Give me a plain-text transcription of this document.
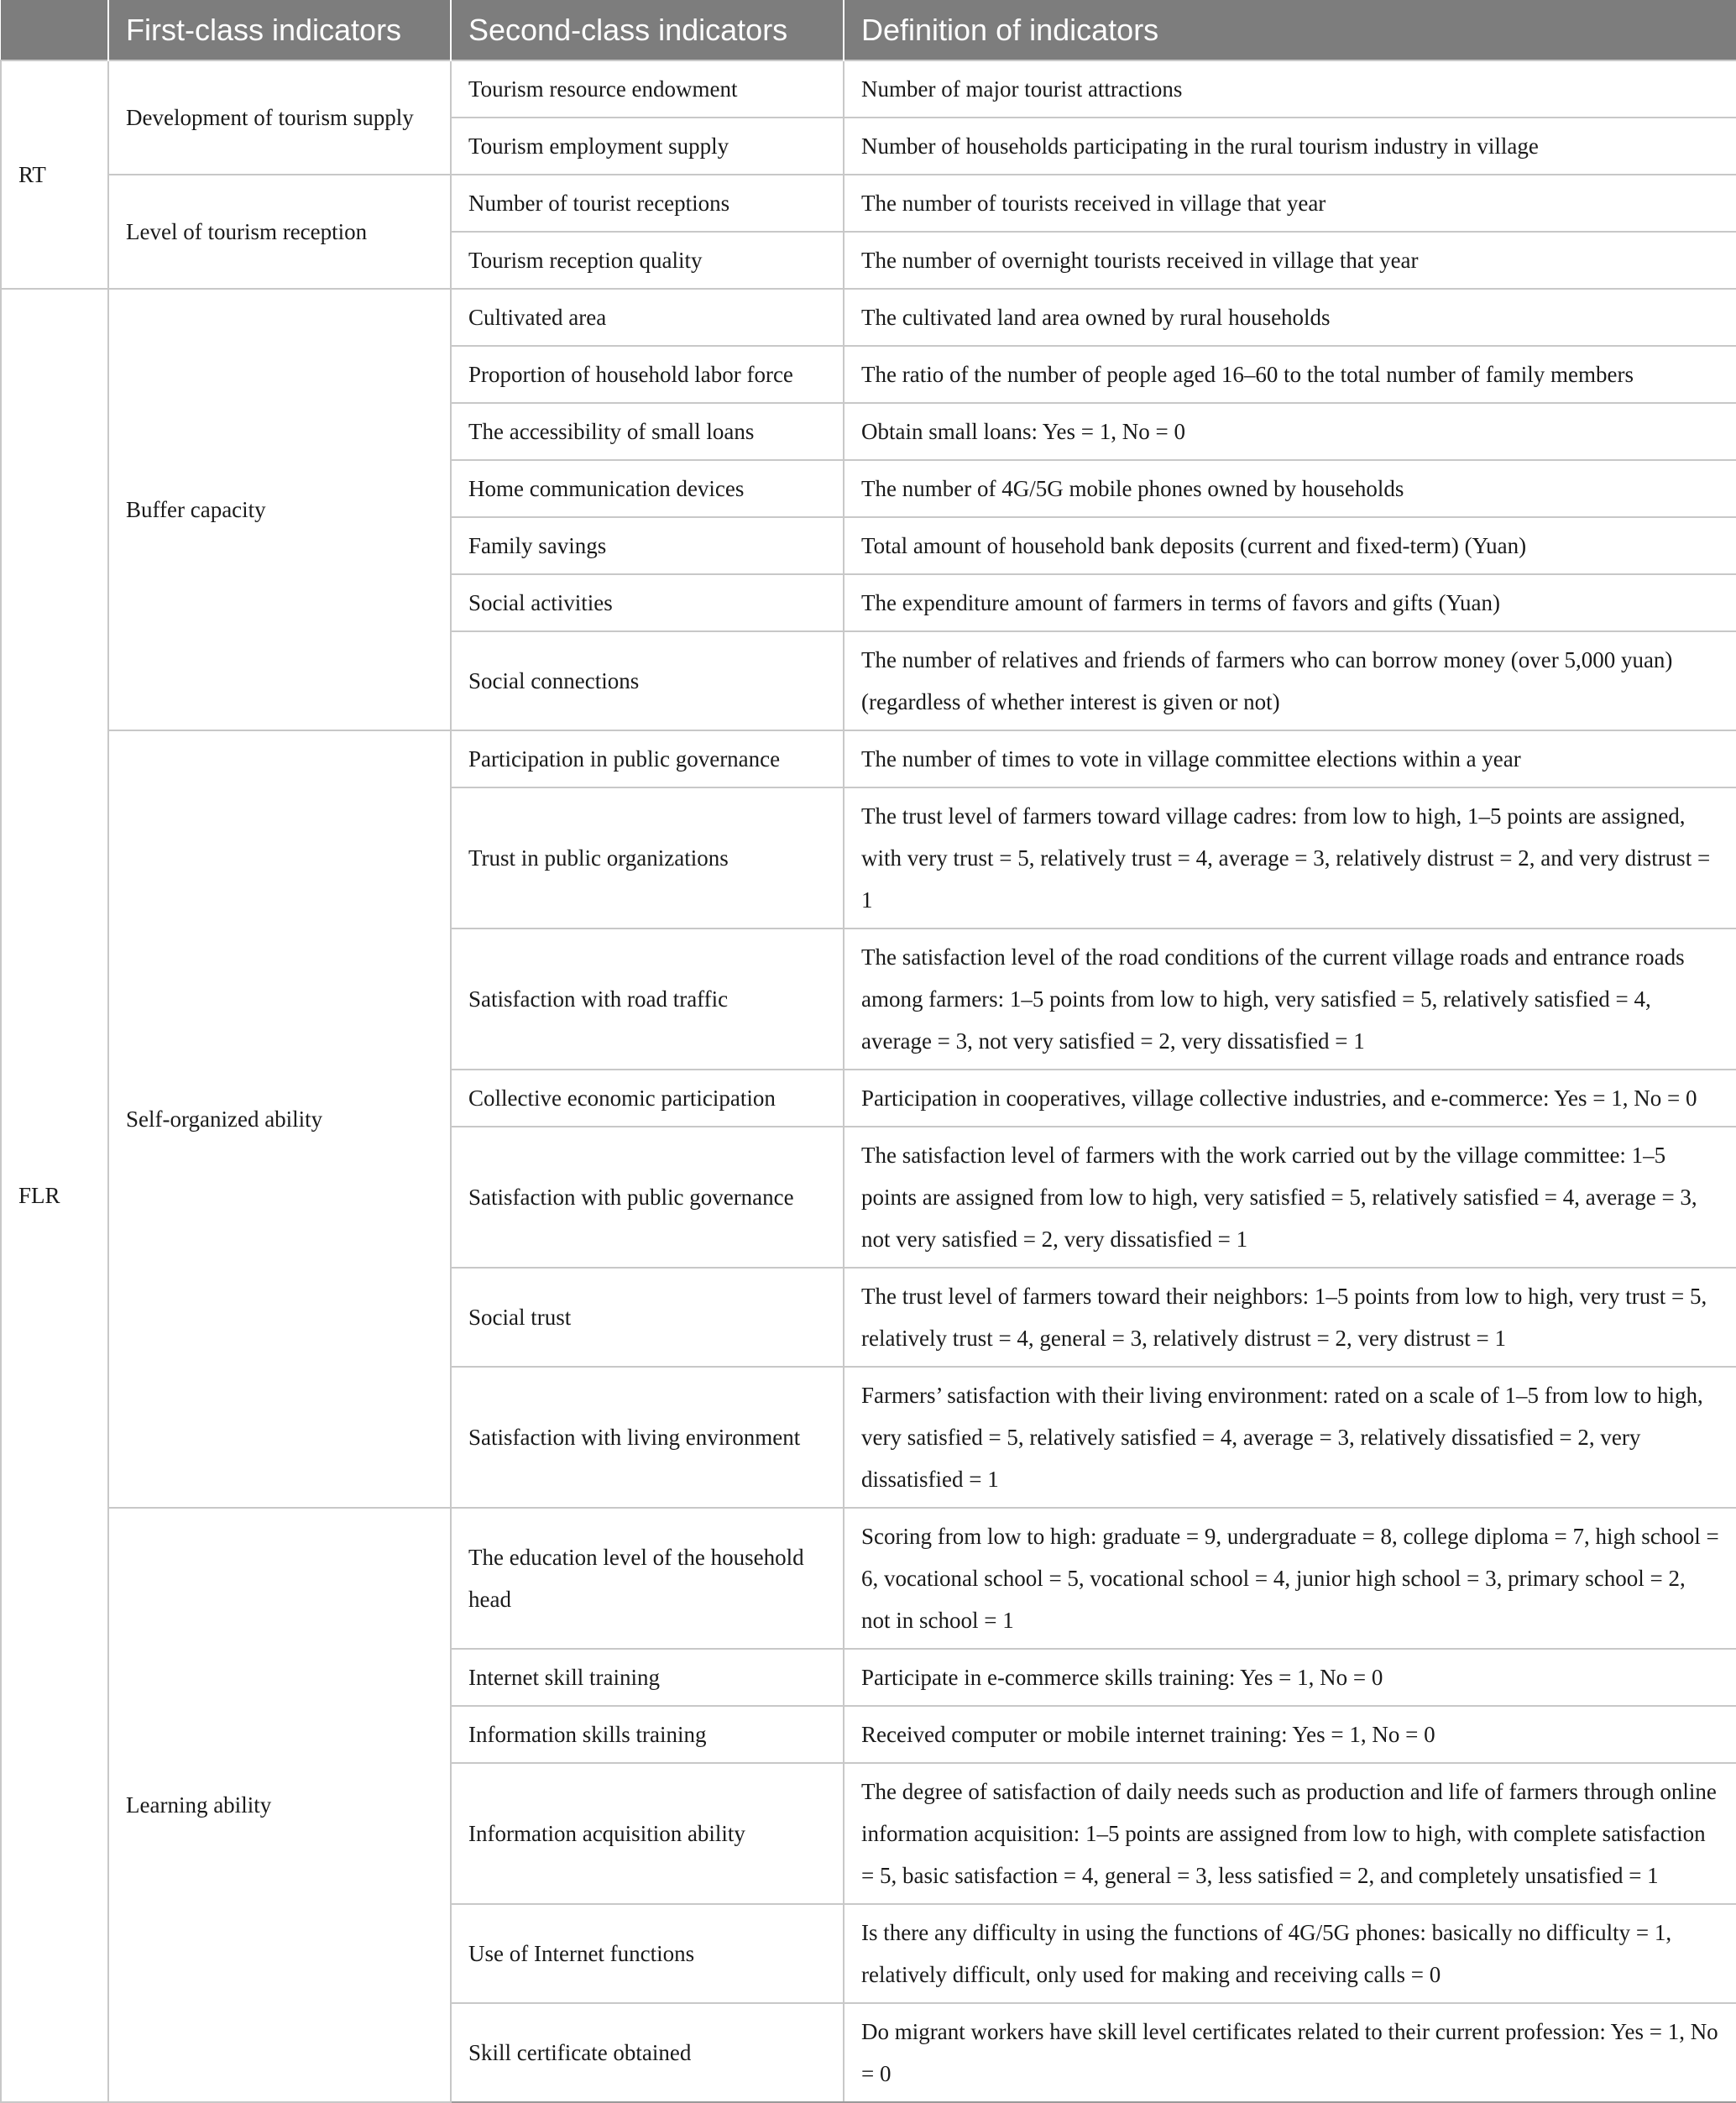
	First-class indicators	Second-class indicators	Definition of indicators
RT	Development of tourism supply	Tourism resource endowment	Number of major tourist attractions
		Tourism employment supply	Number of households participating in the rural tourism industry in village
	Level of tourism reception	Number of tourist receptions	The number of tourists received in village that year
		Tourism reception quality	The number of overnight tourists received in village that year
FLR	Buffer capacity	Cultivated area	The cultivated land area owned by rural households
		Proportion of household labor force	The ratio of the number of people aged 16–60 to the total number of family members
		The accessibility of small loans	Obtain small loans: Yes = 1, No = 0
		Home communication devices	The number of 4G/5G mobile phones owned by households
		Family savings	Total amount of household bank deposits (current and fixed-term) (Yuan)
		Social activities	The expenditure amount of farmers in terms of favors and gifts (Yuan)
		Social connections	The number of relatives and friends of farmers who can borrow money (over 5,000 yuan) (regardless of whether interest is given or not)
	Self-organized ability	Participation in public governance	The number of times to vote in village committee elections within a year
		Trust in public organizations	The trust level of farmers toward village cadres: from low to high, 1–5 points are assigned, with very trust = 5, relatively trust = 4, average = 3, relatively distrust = 2, and very distrust = 1
		Satisfaction with road traffic	The satisfaction level of the road conditions of the current village roads and entrance roads among farmers: 1–5 points from low to high, very satisfied = 5, relatively satisfied = 4, average = 3, not very satisfied = 2, very dissatisfied = 1
		Collective economic participation	Participation in cooperatives, village collective industries, and e-commerce: Yes = 1, No = 0
		Satisfaction with public governance	The satisfaction level of farmers with the work carried out by the village committee: 1–5 points are assigned from low to high, very satisfied = 5, relatively satisfied = 4, average = 3, not very satisfied = 2, very dissatisfied = 1
		Social trust	The trust level of farmers toward their neighbors: 1–5 points from low to high, very trust = 5, relatively trust = 4, general = 3, relatively distrust = 2, very distrust = 1
		Satisfaction with living environment	Farmers’ satisfaction with their living environment: rated on a scale of 1–5 from low to high, very satisfied = 5, relatively satisfied = 4, average = 3, relatively dissatisfied = 2, very dissatisfied = 1
	Learning ability	The education level of the household head	Scoring from low to high: graduate = 9, undergraduate = 8, college diploma = 7, high school = 6, vocational school = 5, vocational school = 4, junior high school = 3, primary school = 2, not in school = 1
		Internet skill training	Participate in e-commerce skills training: Yes = 1, No = 0
		Information skills training	Received computer or mobile internet training: Yes = 1, No = 0
		Information acquisition ability	The degree of satisfaction of daily needs such as production and life of farmers through online information acquisition: 1–5 points are assigned from low to high, with complete satisfaction = 5, basic satisfaction = 4, general = 3, less satisfied = 2, and completely unsatisfied = 1
		Use of Internet functions	Is there any difficulty in using the functions of 4G/5G phones: basically no difficulty = 1, relatively difficult, only used for making and receiving calls = 0
		Skill certificate obtained	Do migrant workers have skill level certificates related to their current profession: Yes = 1, No = 0
